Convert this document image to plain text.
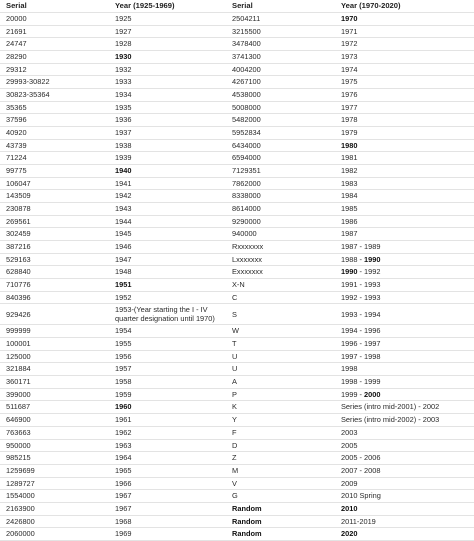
Serial	Year (1925-1969)	Serial	Year (1970-2020)
20000	1925	2504211	1970
21691	1927	3215500	1971
24747	1928	3478400	1972
28290	1930	3741300	1973
29312	1932	4004200	1974
29993-30822	1933	4267100	1975
30823-35364	1934	4538000	1976
35365	1935	5008000	1977
37596	1936	5482000	1978
40920	1937	5952834	1979
43739	1938	6434000	1980
71224	1939	6594000	1981
99775	1940	7129351	1982
106047	1941	7862000	1983
143509	1942	8338000	1984
230878	1943	8614000	1985
269561	1944	9290000	1986
302459	1945	940000	1987
387216	1946	Rxxxxxxx	1987 - 1989
529163	1947	Lxxxxxxx	1988 - 1990
628840	1948	Exxxxxxx	1990 - 1992
710776	1951	X-N	1991 - 1993
840396	1952	C	1992 - 1993
929426	1953-(Year starting the I - IV quarter designation until 1970)	S	1993 - 1994
999999	1954	W	1994 - 1996
100001	1955	T	1996 - 1997
125000	1956	U	1997 - 1998
321884	1957	U	1998
360171	1958	A	1998 - 1999
399000	1959	P	1999 - 2000
511687	1960	K	Series (intro mid-2001) - 2002
646900	1961	Y	Series (intro mid-2002) - 2003
763663	1962	F	2003
950000	1963	D	2005
985215	1964	Z	2005 - 2006
1259699	1965	M	2007 - 2008
1289727	1966	V	2009
1554000	1967	G	2010 Spring
2163900	1967	Random	2010
2426800	1968	Random	2011-2019
2060000	1969	Random	2020
